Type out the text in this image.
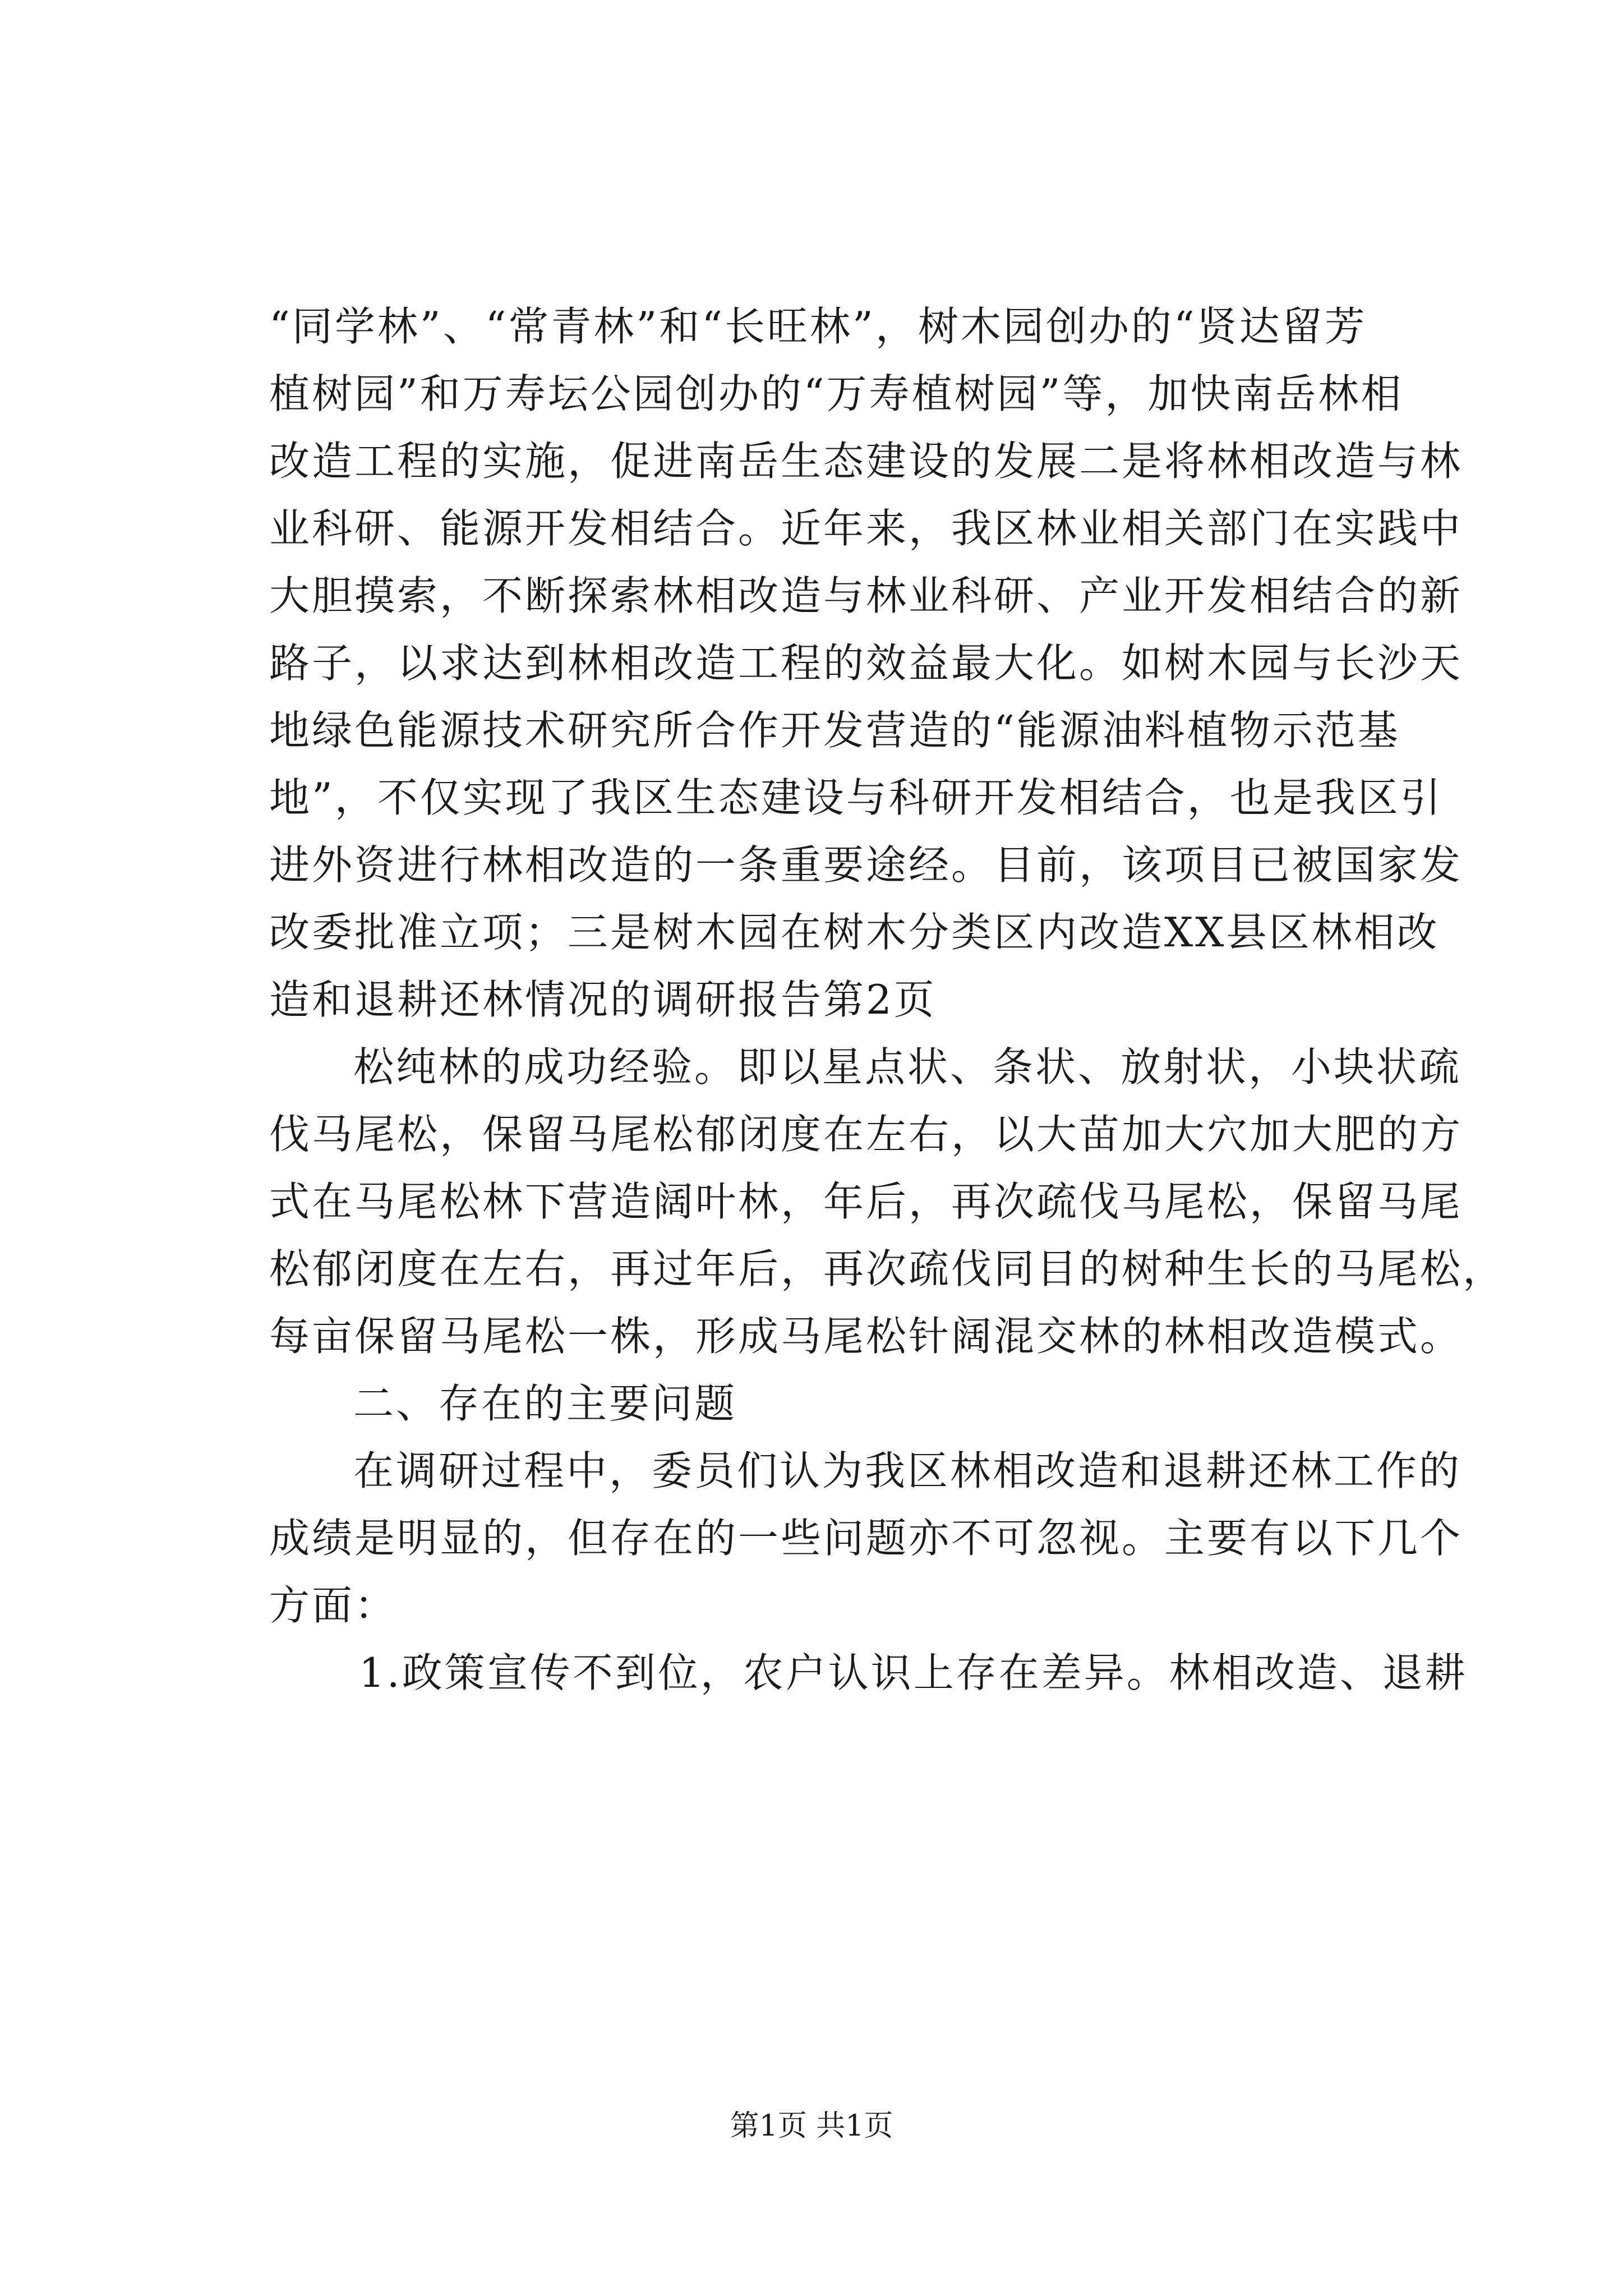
“同学林”、“常青林”和“长旺林”，树木园创办的“贤达留芳
植树园”和万寿坛公园创办的“万寿植树园”等，加快南岳林相
改造工程的实施，促进南岳生态建设的发展二是将林相改造与林
业科研、能源开发相结合。近年来，我区林业相关部门在实践中
大胆摸索，不断探索林相改造与林业科研、产业开发相结合的新
路子，以求达到林相改造工程的效益最大化。如树木园与长沙天
地绿色能源技术研究所合作开发营造的“能源油料植物示范基
地”，不仅实现了我区生态建设与科研开发相结合，也是我区引
进外资进行林相改造的一条重要途经。目前，该项目已被国家发
改委批准立项；三是树木园在树木分类区内改造XX县区林相改
造和退耕还林情况的调研报告第2页
松纯林的成功经验。即以星点状、条状、放射状，小块状疏
伐马尾松，保留马尾松郁闭度在左右，以大苗加大穴加大肥的方
式在马尾松林下营造阔叶林，年后，再次疏伐马尾松，保留马尾
松郁闭度在左右，再过年后，再次疏伐同目的树种生长的马尾松，
每亩保留马尾松一株，形成马尾松针阔混交林的林相改造模式。
二、存在的主要问题
在调研过程中，委员们认为我区林相改造和退耕还林工作的
成绩是明显的，但存在的一些问题亦不可忽视。主要有以下几个
方面：
1.政策宣传不到位，农户认识上存在差异。林相改造、退耕
第1页 共1页
